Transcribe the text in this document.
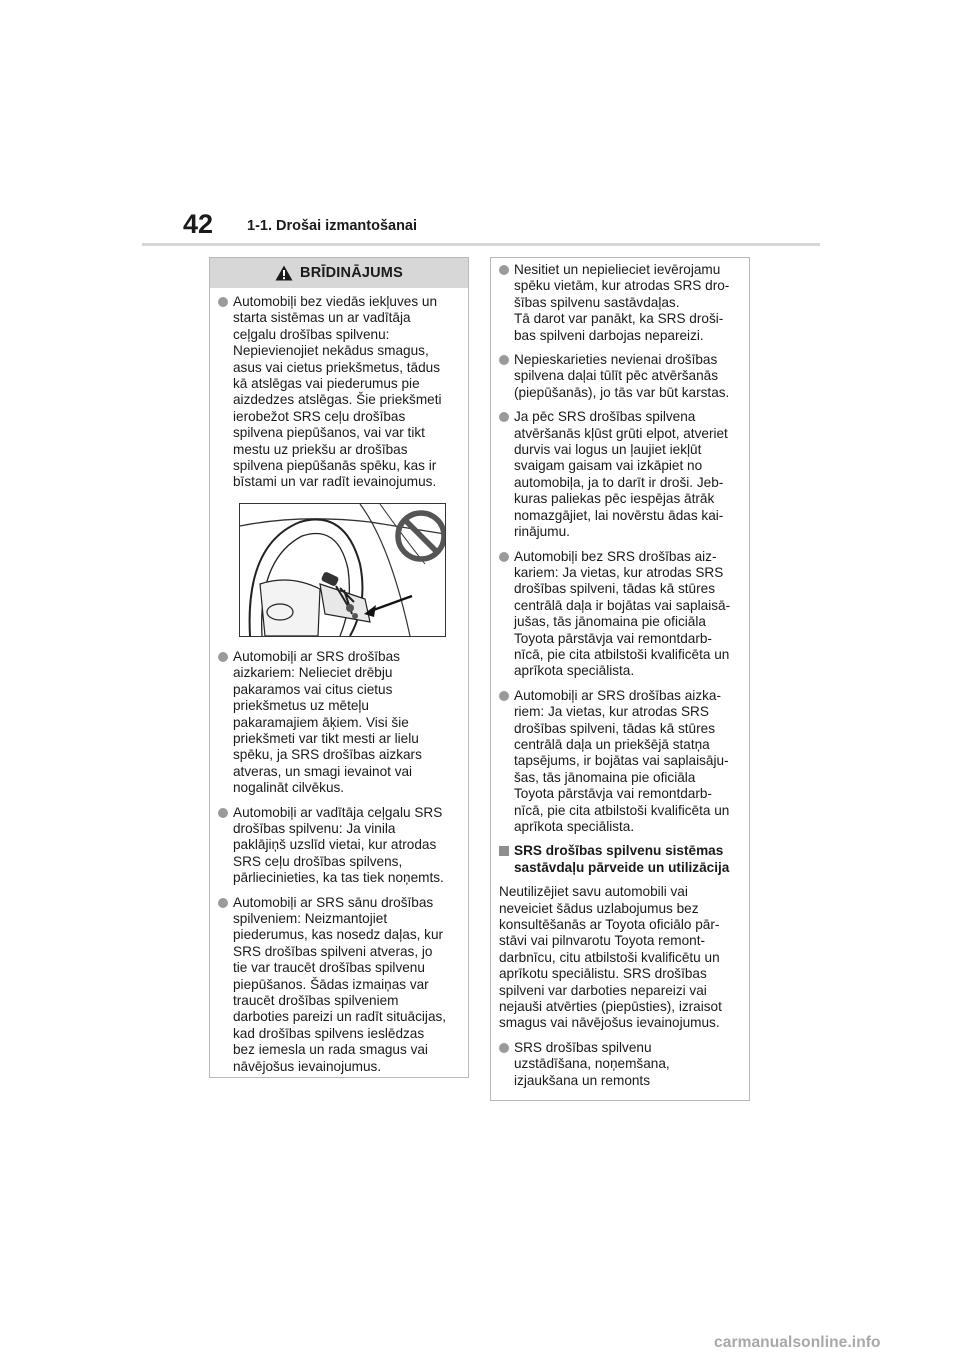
42 1-1. Drošai izmantošanai
BRĪDINĀJUMS

Automobiļi bez viedās iekļuves un
starta sistēmas un ar vadītāja
ceļgalu drošības spilvenu:
Nepievienojiet nekādus smagus,
asus vai cietus priekšmetus, tādus
kā atslēgas vai piederumus pie
aizdedzes atslēgas. Šie priekšmeti
ierobežot SRS ceļu drošības
spilvena piepūšanos, vai var tikt
mestu uz priekšu ar drošības
spilvena piepūšanās spēku, kas ir
bīstami un var radīt ievainojumus.

Automobiļi ar SRS drošības
aizkariem: Nelieciet drēbju
pakaramos vai citus cietus
priekšmetus uz mēteļu
pakaramajiem āķiem. Visi šie
priekšmeti var tikt mesti ar lielu
spēku, ja SRS drošības aizkars
atveras, un smagi ievainot vai
nogalināt cilvēkus.

Automobiļi ar vadītāja ceļgalu SRS
drošības spilvenu: Ja vinila
paklājiņš uzslīd vietai, kur atrodas
SRS ceļu drošības spilvens,
pārliecinieties, ka tas tiek noņemts.

Automobiļi ar SRS sānu drošības
spilveniem: Neizmantojiet
piederumus, kas nosedz daļas, kur
SRS drošības spilveni atveras, jo
tie var traucēt drošības spilvenu
piepūšanos. Šādas izmaiņas var
traucēt drošības spilveniem
darboties pareizi un radīt situācijas,
kad drošības spilvens ieslēdzas
bez iemesla un rada smagus vai
nāvējošus ievainojumus.

Nesitiet un nepielieciet ievērojamu
spēku vietām, kur atrodas SRS dro-
šības spilvenu sastāvdaļas.
Tā darot var panākt, ka SRS droši-
bas spilveni darbojas nepareizi.

Nepieskarieties nevienai drošības
spilvena daļai tūlīt pēc atvēršanās
(piepūšanās), jo tās var būt karstas.

Ja pēc SRS drošības spilvena
atvēršanās kļūst grūti elpot, atveriet
durvis vai logus un ļaujiet iekļūt
svaigam gaisam vai izkāpiet no
automobiļa, ja to darīt ir droši. Jeb-
kuras paliekas pēc iespējas ātrāk
nomazgājiet, lai novērstu ādas kai-
rinājumu.

Automobiļi bez SRS drošības aiz-
kariem: Ja vietas, kur atrodas SRS
drošības spilveni, tādas kā stūres
centrālā daļa ir bojātas vai saplaisā-
jušas, tās jānomaina pie oficiāla
Toyota pārstāvja vai remontdarb-
nīcā, pie cita atbilstoši kvalificēta un
aprīkota speciālista.

Automobiļi ar SRS drošības aizka-
riem: Ja vietas, kur atrodas SRS
drošības spilveni, tādas kā stūres
centrālā daļa un priekšējā statņa
tapsējums, ir bojātas vai saplaisāju-
šas, tās jānomaina pie oficiāla
Toyota pārstāvja vai remontdarb-
nīcā, pie cita atbilstoši kvalificēta un
aprīkota speciālista.

SRS drošības spilvenu sistēmas
sastāvdaļu pārveide un utilizācija

Neutilizējiet savu automobili vai
neveiciet šādus uzlabojumus bez
konsultēšanās ar Toyota oficiālo pār-
stāvi vai pilnvarotu Toyota remont-
darbnīcu, citu atbilstoši kvalificētu un
aprīkotu speciālistu. SRS drošības
spilveni var darboties nepareizi vai
nejauši atvērties (piepūsties), izraisot
smagus vai nāvējošus ievainojumus.

SRS drošības spilvenu
uzstādīšana, noņemšana,
izjaukšana un remonts

carmanualsonline.info
